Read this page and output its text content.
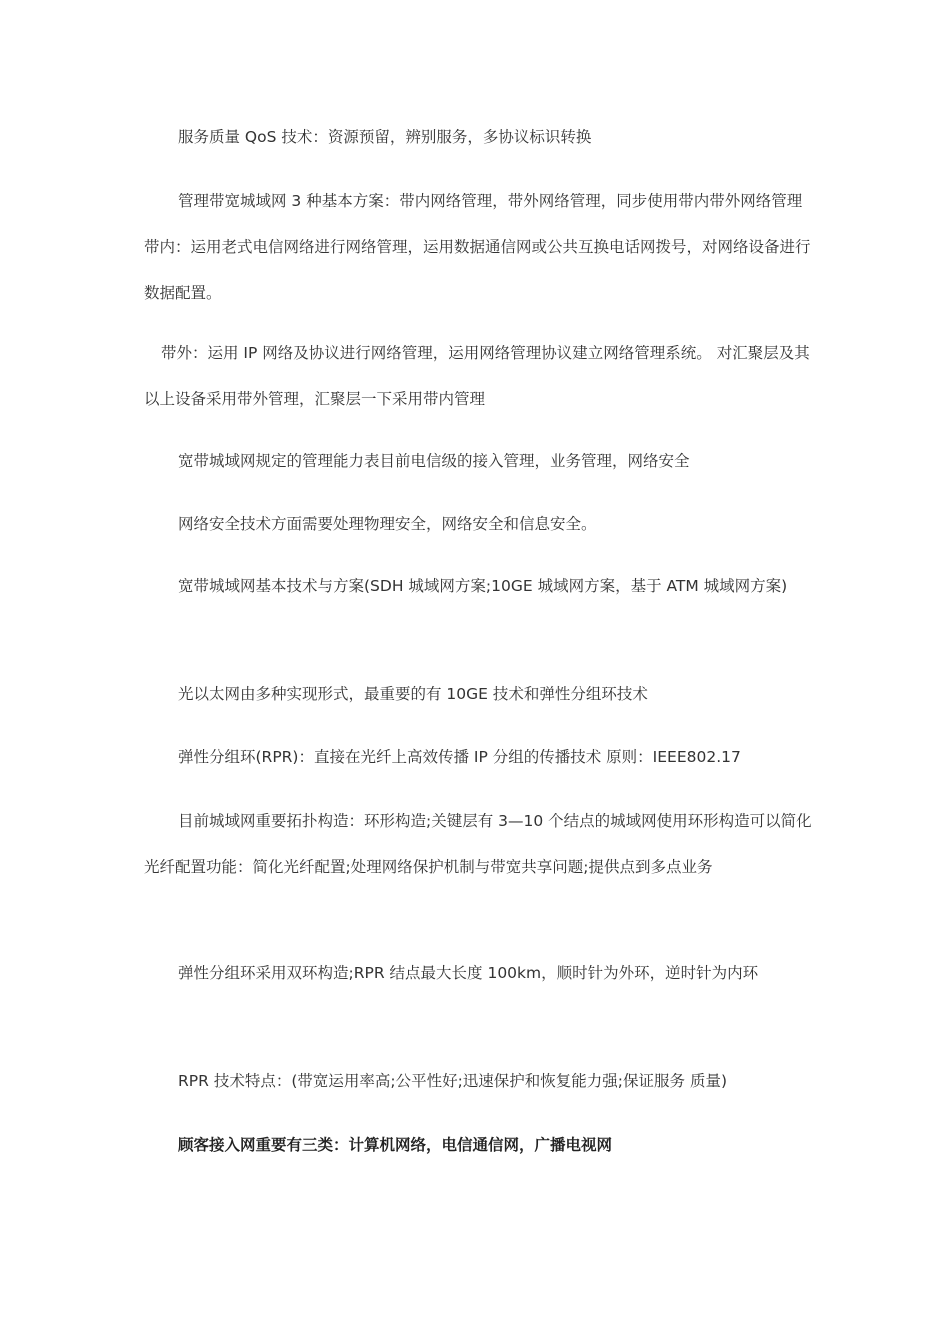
服务质量 QoS 技术：资源预留，辨别服务，多协议标识转换

管理带宽城域网 3 种基本方案：带内网络管理，带外网络管理，同步使用带内带外网络管理 带内：运用老式电信网络进行网络管理，运用数据通信网或公共互换电话网拨号，对网络设备进行数据配置。

带外：运用 IP 网络及协议进行网络管理，运用网络管理协议建立网络管理系统。 对汇聚层及其以上设备采用带外管理，汇聚层一下采用带内管理

宽带城域网规定的管理能力表目前电信级的接入管理，业务管理，网络安全

网络安全技术方面需要处理物理安全，网络安全和信息安全。

宽带城域网基本技术与方案(SDH 城域网方案;10GE 城域网方案，基于 ATM 城域网方案)

光以太网由多种实现形式，最重要的有 10GE 技术和弹性分组环技术

弹性分组环(RPR)：直接在光纤上高效传播 IP 分组的传播技术 原则：IEEE802.17

目前城域网重要拓扑构造：环形构造;关键层有 3—10 个结点的城域网使用环形构造可以简化光纤配置功能：简化光纤配置;处理网络保护机制与带宽共享问题;提供点到多点业务

弹性分组环采用双环构造;RPR 结点最大长度 100km，顺时针为外环，逆时针为内环

RPR 技术特点：(带宽运用率高;公平性好;迅速保护和恢复能力强;保证服务 质量)

顾客接入网重要有三类：计算机网络，电信通信网，广播电视网
